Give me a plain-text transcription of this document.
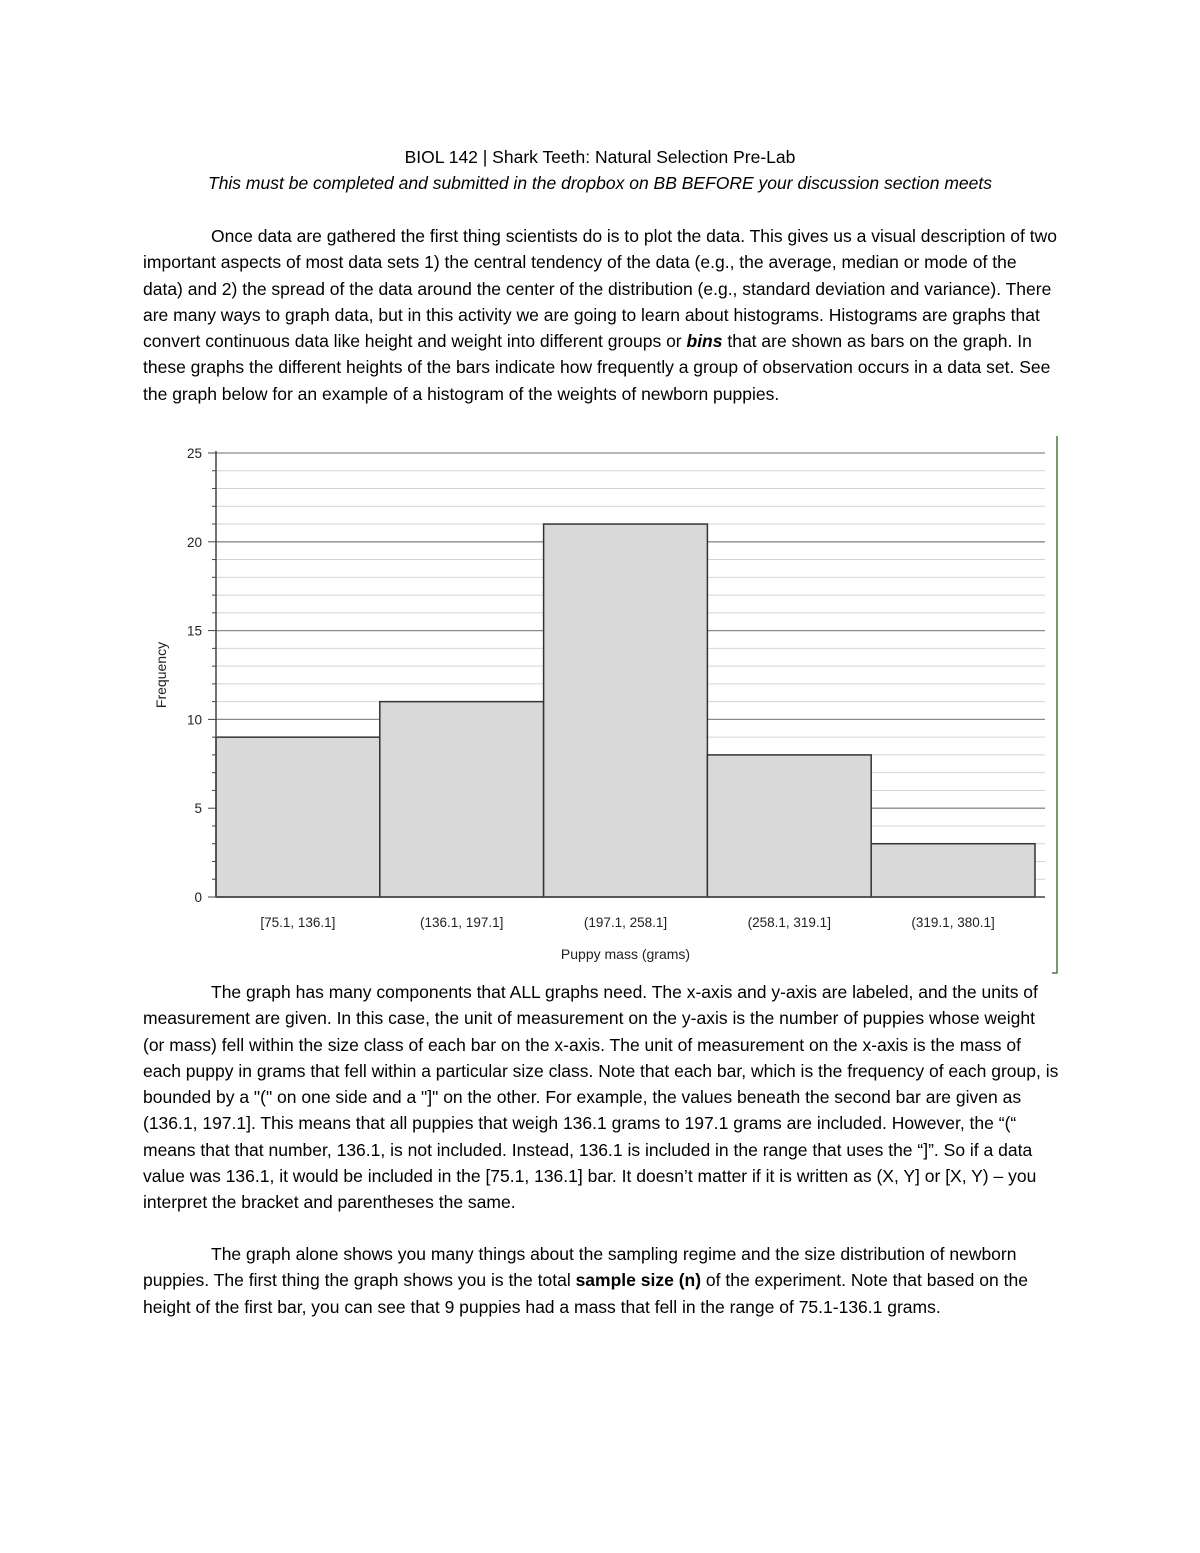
BIOL 142 | Shark Teeth: Natural Selection Pre-Lab
This must be completed and submitted in the dropbox on BB BEFORE your discussion section meets

Once data are gathered the first thing scientists do is to plot the data. This gives us a visual description of two important aspects of most data sets 1) the central tendency of the data (e.g., the average, median or mode of the data) and 2) the spread of the data around the center of the distribution (e.g., standard deviation and variance). There are many ways to graph data, but in this activity we are going to learn about histograms. Histograms are graphs that convert continuous data like height and weight into different groups or bins that are shown as bars on the graph. In these graphs the different heights of the bars indicate how frequently a group of observation occurs in a data set. See the graph below for an example of a histogram of the weights of newborn puppies.

0
5
10
15
20
25
[75.1, 136.1]	(136.1, 197.1]	(197.1, 258.1]	(258.1, 319.1]	(319.1, 380.1]
Puppy mass (grams)
Frequency

The graph has many components that ALL graphs need. The x-axis and y-axis are labeled, and the units of measurement are given. In this case, the unit of measurement on the y-axis is the number of puppies whose weight (or mass) fell within the size class of each bar on the x-axis. The unit of measurement on the x-axis is the mass of each puppy in grams that fell within a particular size class. Note that each bar, which is the frequency of each group, is bounded by a "(" on one side and a "]" on the other. For example, the values beneath the second bar are given as (136.1, 197.1]. This means that all puppies that weigh 136.1 grams to 197.1 grams are included. However, the “(“ means that that number, 136.1, is not included. Instead, 136.1 is included in the range that uses the “]”. So if a data value was 136.1, it would be included in the [75.1, 136.1] bar. It doesn’t matter if it is written as (X, Y] or [X, Y) – you interpret the bracket and parentheses the same.

The graph alone shows you many things about the sampling regime and the size distribution of newborn puppies. The first thing the graph shows you is the total sample size (n) of the experiment. Note that based on the height of the first bar, you can see that 9 puppies had a mass that fell in the range of 75.1-136.1 grams.
